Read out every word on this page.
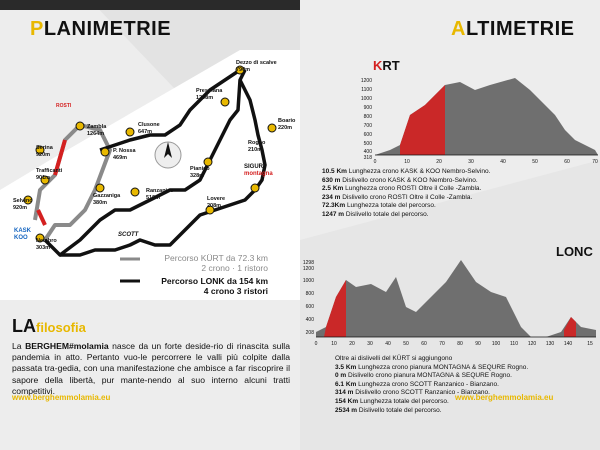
PLANIMETRIE	ALTIMETRIE
Dezzo di scalve
790m
Presolana
1298m
Boario
220m
Clusone
647m
Zambla
1264m
P. Nossa
469m
Serina
920m
Trafficanti
901m
Rogno
210m
Pianico
328m
Gazzaniga
380m
Ranzanico
519m	Lovere
208m
Selvino
920m
Nembro
303m
KASK
KOO	SCOTT
SIGUR
montagna
ROSTI
Percorso KÜRT da 72.3 km
2 crono · 1 ristoro
Percorso LONK da 154 km
4 crono 3 ristori
LAfilosofia
La BERGHEM#molamia nasce da un forte deside-rio di rinascita sulla pandemia in atto. Pertanto vuo-le percorrere le valli più colpite dalla passata tra-gedia, con una manifestazione che ambisce a far riscoprire il sapore della libertà, pur mante-nendo al suo interno alcuni tratti competitivi.
www.berghemmolamia.eu
KRT
1200
1100
1000
900
800
700
600
500
400
318
0	10	20	30	40	50	60	70
10.5 Km Lunghezza crono KASK & KOO Nembro-Selvino.
630 m Dislivello crono KASK & KOO Nembro-Selvino.
2.5 Km Lunghezza crono ROSTI Oltre il Colle -Zambla.
234 m Dislivello crono ROSTI Oltre il Colle -Zambla.
72.3Km Lunghezza totale del percorso.
1247 m Dislivello totale del percorso.
LONC
1298
1200
1000
800
600
400
208
0	10 20 30 40 50 60 70 80 90 100 110 120 130 140	15
Oltre ai dislivelli del KÜRT si aggiungono
3.5 Km Lunghezza crono pianura MONTAGNA & SEQURE Rogno.
0 m Dislivello crono pianura MONTAGNA & SEQURE Rogno.
6.1 Km Lunghezza crono SCOTT Ranzanico - Bianzano.
314 m Dislivello crono SCOTT Ranzanico - Bianzano.
154 Km Lunghezza totale del percorso.
2534 m Dislivello totale del percorso.
www.berghemmolamia.eu
